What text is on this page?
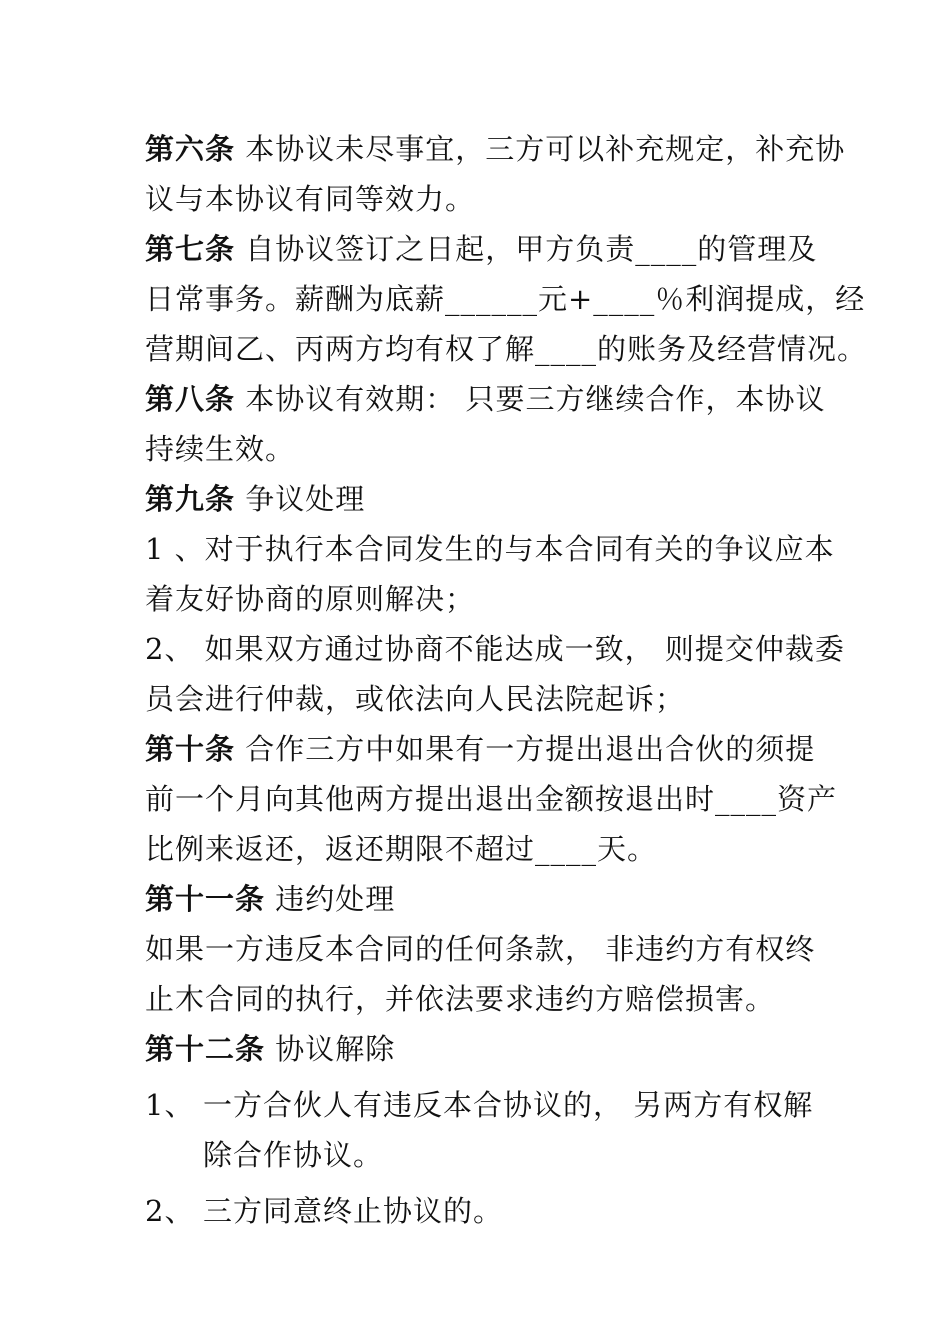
第六条 本协议未尽事宜，三方可以补充规定，补充协
议与本协议有同等效力。
第七条 自协议签订之日起，甲方负责____的管理及
日常事务。薪酬为底薪______元+____％利润提成，经
营期间乙、丙两方均有权了解____的账务及经营情况。
第八条 本协议有效期： 只要三方继续合作，本协议
持续生效。
第九条 争议处理
1 、对于执行本合同发生的与本合同有关的争议应本
着友好协商的原则解决；
2、 如果双方通过协商不能达成一致， 则提交仲裁委
员会进行仲裁，或依法向人民法院起诉；
第十条 合作三方中如果有一方提出退出合伙的须提
前一个月向其他两方提出退出金额按退出时____资产
比例来返还，返还期限不超过____天。
第十一条 违约处理
如果一方违反本合同的任何条款， 非违约方有权终
止木合同的执行，并依法要求违约方赔偿损害。
第十二条 协议解除
1、 一方合伙人有违反本合协议的， 另两方有权解
除合作协议。
2、 三方同意终止协议的。
